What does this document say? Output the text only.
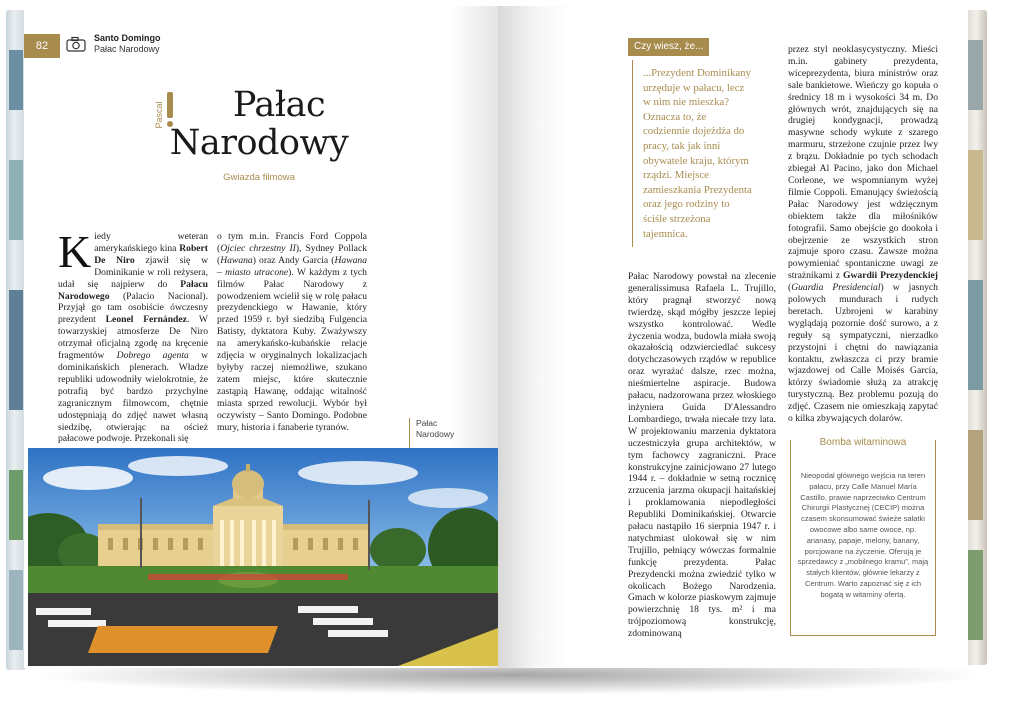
82
Santo Domingo
Pałac Narodowy
Pascal	Pałac
Narodowy
Gwiazda filmowa

Kiedy weteran amerykańskiego kina Robert De Niro zjawił się w Dominikanie w roli reżysera, udał się najpierw do Pałacu Narodowego (Palacio Nacional). Przyjął go tam osobiście ówczesny prezydent Leonel Fernández. W towarzyskiej atmosferze De Niro otrzymał oficjalną zgodę na kręcenie fragmentów Dobrego agenta w dominikańskich plenerach. Władze republiki udowodniły wielokrotnie, że potrafią być bardzo przychylne zagranicznym filmowcom, chętnie udostępniają do zdjęć nawet własną siedzibę, otwierając na oścież pałacowe podwoje. Przekonali się

o tym m.in. Francis Ford Coppola (Ojciec chrzestny II), Sydney Pollack (Hawana) oraz Andy Garcia (Hawana – miasto utracone). W każdym z tych filmów Pałac Narodowy z powodzeniem wcielił się w rolę pałacu prezydenckiego w Hawanie, który przed 1959 r. był siedzibą Fulgencia Batisty, dyktatora Kuby. Zważywszy na amerykańsko-kubańskie relacje zdjęcia w oryginalnych lokalizacjach byłyby raczej niemożliwe, szukano zatem miejsc, które skutecznie zastąpią Hawanę, oddając witalność miasta sprzed rewolucji. Wybór był oczywisty – Santo Domingo. Podobne mury, historia i fanaberie tyranów.	Pałac
Narodowy
Czy wiesz, że...
...Prezydent Dominikany urzęduje w pałacu, lecz w nim nie mieszka? Oznacza to, że codziennie dojeżdża do pracy, tak jak inni obywatele kraju, którym rządzi. Miejsce zamieszkania Prezydenta oraz jego rodziny to ściśle strzeżona tajemnica.

Pałac Narodowy powstał na zlecenie generalissimusa Rafaela L. Trujillo, który pragnął stworzyć nową twierdzę, skąd mógłby jeszcze lepiej wszystko kontrolować. Wedle życzenia wodza, budowla miała swoją okazałością odzwierciedlać sukcesy dotychczasowych rządów w republice oraz wyrażać dalsze, rzec można, nieśmiertelne aspiracje. Budowa pałacu, nadzorowana przez włoskiego inżyniera Guida D'Alessandro Lombardiego, trwała niecałe trzy lata. W projektowaniu marzenia dyktatora uczestniczyła grupa architektów, w tym fachowcy zagraniczni. Prace konstrukcyjne zainicjowano 27 lutego 1944 r. – dokładnie w setną rocznicę zrzucenia jarzma okupacji haitańskiej i proklamowania niepodległości Republiki Dominikańskiej. Otwarcie pałacu nastąpiło 16 sierpnia 1947 r. i natychmiast ulokował się w nim Trujillo, pełniący wówczas formalnie funkcję prezydenta. Pałac Prezydencki można zwiedzić tylko w okolicach Bożego Narodzenia. Gmach w kolorze piaskowym zajmuje powierzchnię 18 tys. m² i ma trójpoziomową konstrukcję, zdominowaną

przez styl neoklasycystyczny. Mieści m.in. gabinety prezydenta, wiceprezydenta, biura ministrów oraz sale bankietowe. Wieńczy go kopuła o średnicy 18 m i wysokości 34 m. Do głównych wrót, znajdujących się na drugiej kondygnacji, prowadzą masywne schody wykute z szarego marmuru, strzeżone czujnie przez lwy z brązu. Dokładnie po tych schodach zbiegał Al Pacino, jako don Michael Corleone, we wspomnianym wyżej filmie Coppoli. Emanujący świeżością Pałac Narodowy jest wdzięcznym obiektem także dla miłośników fotografii. Samo obejście go dookoła i obejrzenie ze wszystkich stron zajmuje sporo czasu. Zawsze można powymieniać spontaniczne uwagi ze strażnikami z Gwardii Prezydenckiej (Guardia Presidencial) w jasnych polowych mundurach i rudych beretach. Uzbrojeni w karabiny wyglądają pozornie dość surowo, a z reguły są sympatyczni, nierzadko przystojni i chętni do nawiązania kontaktu, zwłaszcza ci przy bramie wjazdowej od Calle Moisés García, którzy świadomie służą za atrakcję turystyczną. Bez problemu pozują do zdjęć. Czasem nie omieszkają zapytać o kilka zbywających dolarów.

Bomba witaminowa
Nieopodal głównego wejścia na teren pałacu, przy Calle Manuel María Castillo, prawie naprzeciwko Centrum Chirurgii Plastycznej (CECIP) można czasem skonsumować świeże sałatki owocowe albo same owoce, np. ananasy, papaje, melony, banany, porcjowane na życzenie. Oferują je sprzedawcy z „mobilnego kramu”, mają stałych klientów, głównie lekarzy z Centrum. Warto zapoznać się z ich bogatą w witaminy ofertą.
